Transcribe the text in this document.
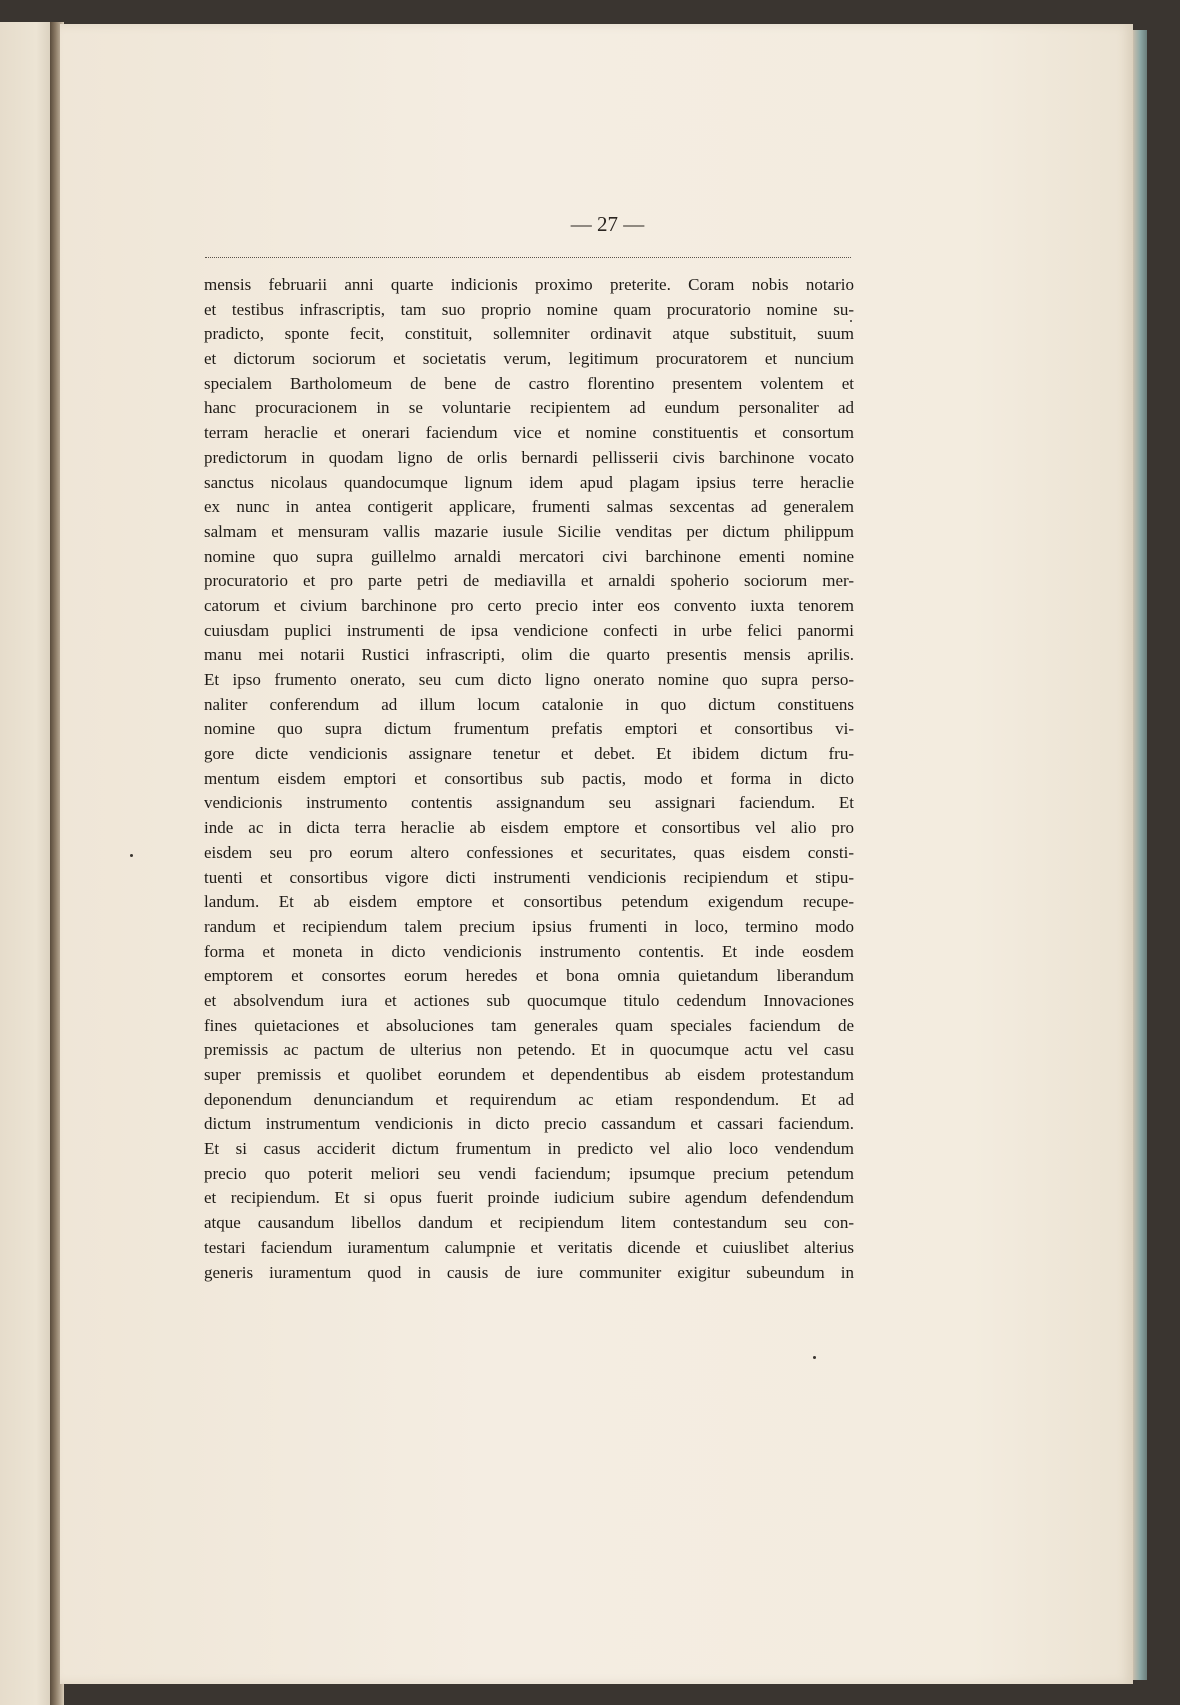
— 27 —
mensis februarii anni quarte indicionis proximo preterite. Coram nobis notario
et testibus infrascriptis, tam suo proprio nomine quam procuratorio nomine su-
pradicto, sponte fecit, constituit, sollemniter ordinavit atque substituit, suum
et dictorum sociorum et societatis verum, legitimum procuratorem et nuncium
specialem Bartholomeum de bene de castro florentino presentem volentem et
hanc procuracionem in se voluntarie recipientem ad eundum personaliter ad
terram heraclie et onerari faciendum vice et nomine constituentis et consortum
predictorum in quodam ligno de orlis bernardi pellisserii civis barchinone vocato
sanctus nicolaus quandocumque lignum idem apud plagam ipsius terre heraclie
ex nunc in antea contigerit applicare, frumenti salmas sexcentas ad generalem
salmam et mensuram vallis mazarie iusule Sicilie venditas per dictum philippum
nomine quo supra guillelmo arnaldi mercatori civi barchinone ementi nomine
procuratorio et pro parte petri de mediavilla et arnaldi spoherio sociorum mer-
catorum et civium barchinone pro certo precio inter eos convento iuxta tenorem
cuiusdam puplici instrumenti de ipsa vendicione confecti in urbe felici panormi
manu mei notarii Rustici infrascripti, olim die quarto presentis mensis aprilis.
Et ipso frumento onerato, seu cum dicto ligno onerato nomine quo supra perso-
naliter conferendum ad illum locum catalonie in quo dictum constituens
nomine quo supra dictum frumentum prefatis emptori et consortibus vi-
gore dicte vendicionis assignare tenetur et debet. Et ibidem dictum fru-
mentum eisdem emptori et consortibus sub pactis, modo et forma in dicto
vendicionis instrumento contentis assignandum seu assignari faciendum. Et
inde ac in dicta terra heraclie ab eisdem emptore et consortibus vel alio pro
eisdem seu pro eorum altero confessiones et securitates, quas eisdem consti-
tuenti et consortibus vigore dicti instrumenti vendicionis recipiendum et stipu-
landum. Et ab eisdem emptore et consortibus petendum exigendum recupe-
randum et recipiendum talem precium ipsius frumenti in loco, termino modo
forma et moneta in dicto vendicionis instrumento contentis. Et inde eosdem
emptorem et consortes eorum heredes et bona omnia quietandum liberandum
et absolvendum iura et actiones sub quocumque titulo cedendum Innovaciones
fines quietaciones et absoluciones tam generales quam speciales faciendum de
premissis ac pactum de ulterius non petendo. Et in quocumque actu vel casu
super premissis et quolibet eorundem et dependentibus ab eisdem protestandum
deponendum denunciandum et requirendum ac etiam respondendum. Et ad
dictum instrumentum vendicionis in dicto precio cassandum et cassari faciendum.
Et si casus acciderit dictum frumentum in predicto vel alio loco vendendum
precio quo poterit meliori seu vendi faciendum; ipsumque precium petendum
et recipiendum. Et si opus fuerit proinde iudicium subire agendum defendendum
atque causandum libellos dandum et recipiendum litem contestandum seu con-
testari faciendum iuramentum calumpnie et veritatis dicende et cuiuslibet alterius
generis iuramentum quod in causis de iure communiter exigitur subeundum in
